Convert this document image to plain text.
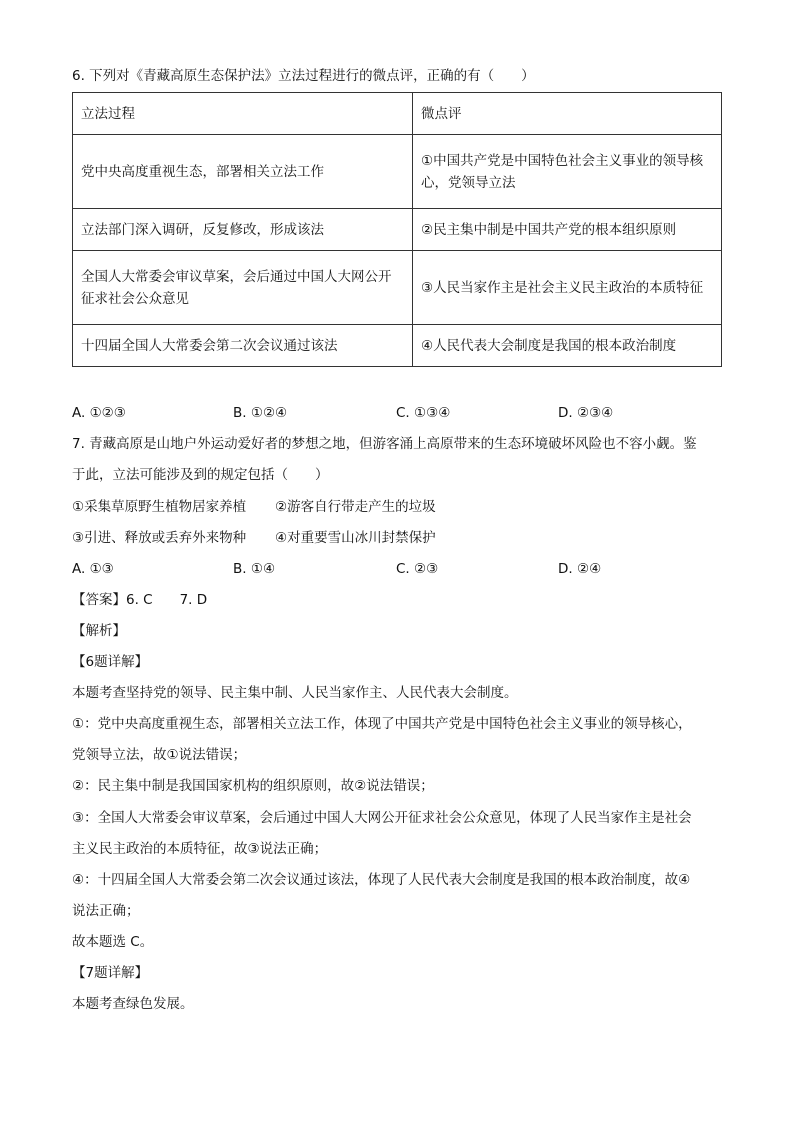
6. 下列对《青藏高原生态保护法》立法过程进行的微点评，正确的有（　　）
立法过程	微点评
党中央高度重视生态，部署相关立法工作	①中国共产党是中国特色社会主义事业的领导核心，党领导立法
立法部门深入调研，反复修改，形成该法	②民主集中制是中国共产党的根本组织原则
全国人大常委会审议草案，会后通过中国人大网公开征求社会公众意见	③人民当家作主是社会主义民主政治的本质特征
十四届全国人大常委会第二次会议通过该法	④人民代表大会制度是我国的根本政治制度
A. ①②③	B. ①②④	C. ①③④	D. ②③④
7. 青藏高原是山地户外运动爱好者的梦想之地，但游客涌上高原带来的生态环境破坏风险也不容小觑。鉴
于此，立法可能涉及到的规定包括（　　）
①采集草原野生植物居家养植 ②游客自行带走产生的垃圾
③引进、释放或丢弃外来物种 ④对重要雪山冰川封禁保护
A. ①③	B. ①④	C. ②③	D. ②④
【答案】6. C　　7. D
【解析】
【6题详解】
本题考查坚持党的领导、民主集中制、人民当家作主、人民代表大会制度。
①：党中央高度重视生态，部署相关立法工作，体现了中国共产党是中国特色社会主义事业的领导核心，
党领导立法，故①说法错误；
②：民主集中制是我国国家机构的组织原则，故②说法错误；
③：全国人大常委会审议草案，会后通过中国人大网公开征求社会公众意见，体现了人民当家作主是社会
主义民主政治的本质特征，故③说法正确；
④：十四届全国人大常委会第二次会议通过该法，体现了人民代表大会制度是我国的根本政治制度，故④
说法正确；
故本题选 C。
【7题详解】
本题考查绿色发展。
